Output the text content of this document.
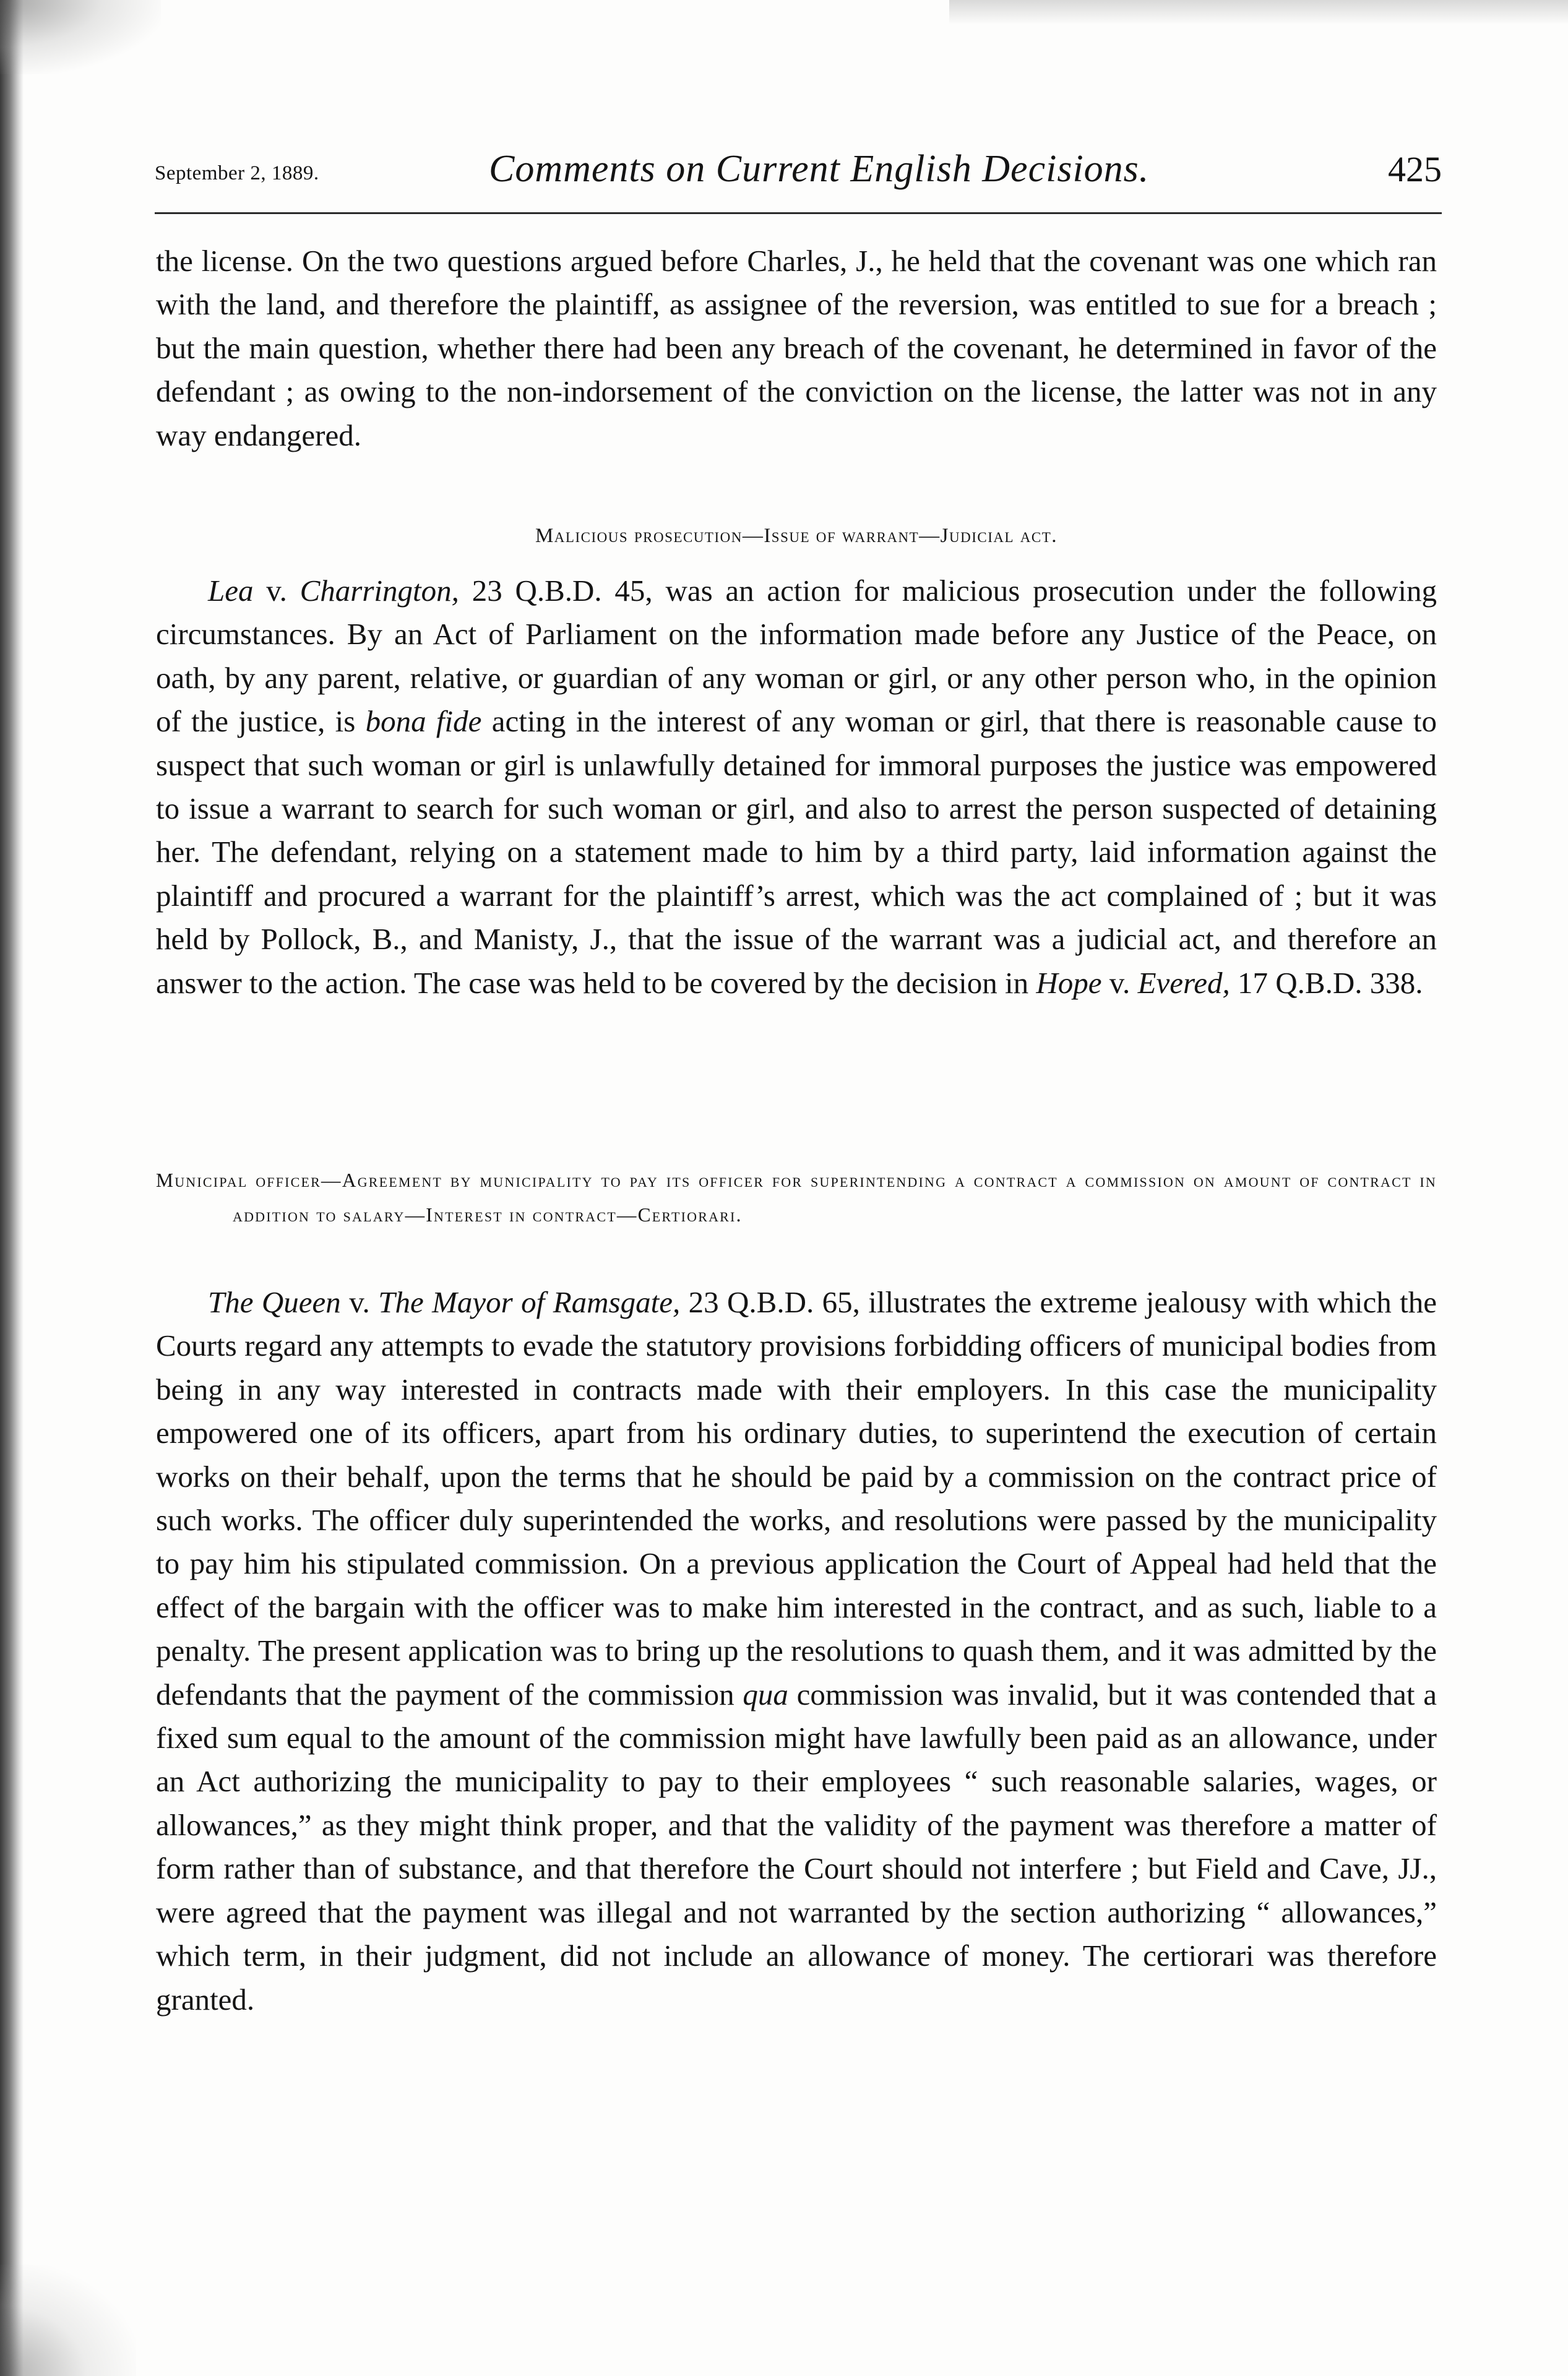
September 2, 1889.	Comments on Current English Decisions.	425
the license. On the two questions argued before Charles, J., he held that the covenant was one which ran with the land, and therefore the plaintiff, as assignee of the reversion, was entitled to sue for a breach ; but the main question, whether there had been any breach of the covenant, he determined in favor of the defendant ; as owing to the non-indorsement of the conviction on the license, the latter was not in any way endangered.
Malicious prosecution—Issue of warrant—Judicial act.
Lea v. Charrington, 23 Q.B.D. 45, was an action for malicious prosecution under the following circumstances. By an Act of Parliament on the information made before any Justice of the Peace, on oath, by any parent, relative, or guardian of any woman or girl, or any other person who, in the opinion of the justice, is bona fide acting in the interest of any woman or girl, that there is reasonable cause to suspect that such woman or girl is unlawfully detained for immoral purposes the justice was empowered to issue a warrant to search for such woman or girl, and also to arrest the person suspected of detaining her. The defendant, relying on a statement made to him by a third party, laid information against the plaintiff and procured a warrant for the plaintiff’s arrest, which was the act complained of ; but it was held by Pollock, B., and Manisty, J., that the issue of the warrant was a judicial act, and therefore an answer to the action. The case was held to be covered by the decision in Hope v. Evered, 17 Q.B.D. 338.
Municipal officer—Agreement by municipality to pay its officer for superintending a contract a commission on amount of contract in addition to salary—Interest in contract—Certiorari.
The Queen v. The Mayor of Ramsgate, 23 Q.B.D. 65, illustrates the extreme jealousy with which the Courts regard any attempts to evade the statutory provisions forbidding officers of municipal bodies from being in any way interested in contracts made with their employers. In this case the municipality empowered one of its officers, apart from his ordinary duties, to superintend the execution of certain works on their behalf, upon the terms that he should be paid by a commission on the contract price of such works. The officer duly superintended the works, and resolutions were passed by the municipality to pay him his stipulated commission. On a previous application the Court of Appeal had held that the effect of the bargain with the officer was to make him interested in the contract, and as such, liable to a penalty. The present application was to bring up the resolutions to quash them, and it was admitted by the defendants that the payment of the commission qua commission was invalid, but it was contended that a fixed sum equal to the amount of the commission might have lawfully been paid as an allowance, under an Act authorizing the municipality to pay to their employees “ such reasonable salaries, wages, or allowances,” as they might think proper, and that the validity of the payment was therefore a matter of form rather than of substance, and that therefore the Court should not interfere ; but Field and Cave, JJ., were agreed that the payment was illegal and not warranted by the section authorizing “ allowances,” which term, in their judgment, did not include an allowance of money. The certiorari was therefore granted.
